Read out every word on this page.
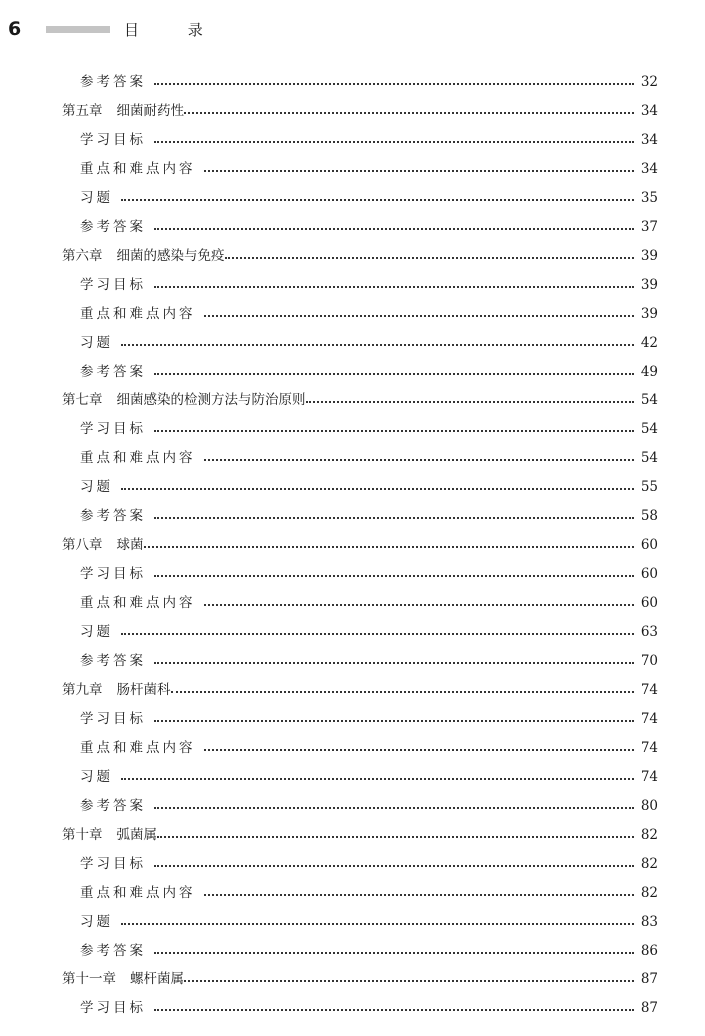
6	目 录
参考答案	32
第五章 细菌耐药性	34
学习目标	34
重点和难点内容	34
习题	35
参考答案	37
第六章 细菌的感染与免疫	39
学习目标	39
重点和难点内容	39
习题	42
参考答案	49
第七章 细菌感染的检测方法与防治原则	54
学习目标	54
重点和难点内容	54
习题	55
参考答案	58
第八章 球菌	60
学习目标	60
重点和难点内容	60
习题	63
参考答案	70
第九章 肠杆菌科	74
学习目标	74
重点和难点内容	74
习题	74
参考答案	80
第十章 弧菌属	82
学习目标	82
重点和难点内容	82
习题	83
参考答案	86
第十一章 螺杆菌属	87
学习目标	87
